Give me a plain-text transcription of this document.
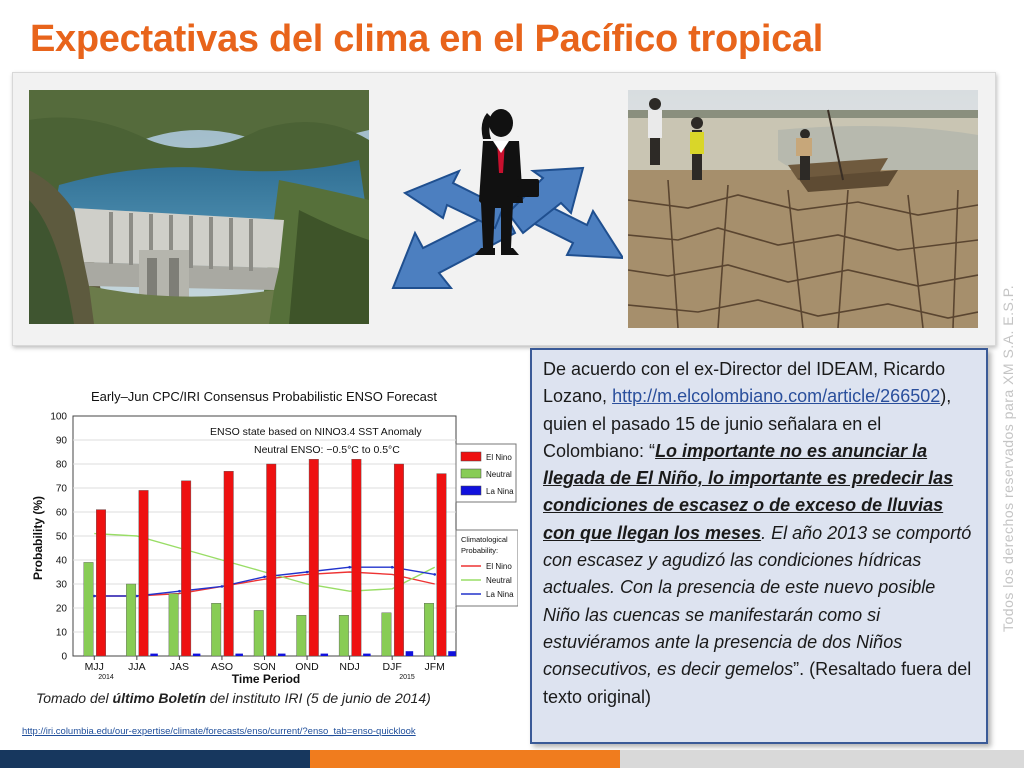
Expectativas del clima en el Pacífico tropical
Early–Jun CPC/IRI Consensus Probabilistic ENSO Forecast
0
10
20
30
40
50
60
70
80
90
100
MJJ JJA JAS ASO SON OND NDJ DJF JFM
ENSO state based on NINO3.4 SST Anomaly
Neutral ENSO: −0.5°C to 0.5°C
Probability (%)
Time Period
2014	2015
El Nino
Neutral
La Nina
Climatological
Probability:
El Nino
Neutral
La Nina
Tomado del último Boletín del instituto IRI (5 de junio de 2014)
http://iri.columbia.edu/our-expertise/climate/forecasts/enso/current/?enso_tab=enso-quicklook
De acuerdo con el ex-Director del IDEAM, Ricardo Lozano, http://m.elcolombiano.com/article/266502), quien el pasado 15 de junio señalara en el Colombiano: “Lo importante no es anunciar la llegada de El Niño, lo importante es predecir las condiciones de escasez o de exceso de lluvias con que llegan los meses. El año 2013 se comportó con escasez y agudizó las condiciones hídricas actuales. Con la presencia de este nuevo posible Niño las cuencas se manifestarán como si estuviéramos ante la presencia de dos Niños consecutivos, es decir gemelos”. (Resaltado fuera del texto original)
Todos los derechos reservados para XM S.A. E.S.P.
